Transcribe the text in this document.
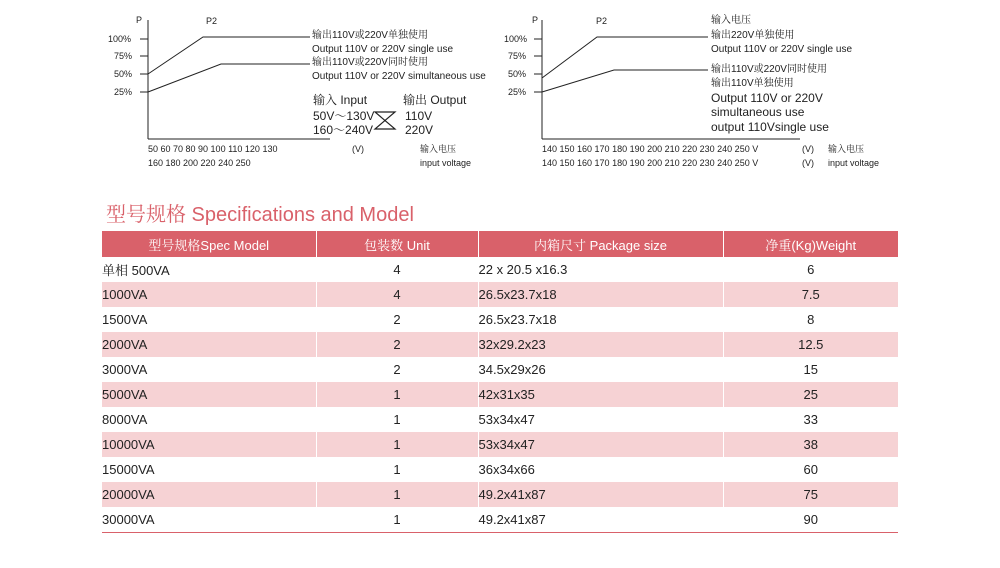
P	P2
100%
75%
50%
25%
输出110V或220V单独使用
Output 110V or 220V single use
输出110V或220V同时使用
Output 110V or 220V simultaneous use
输入 Input	输出 Output
50V～130V
160～240V
110V
220V
50 60 70 80 90 100 110 120 130
160 180 200 220 240 250
(V)	输入电压
input voltage
P	P2
100%
75%
50%
25%
输入电压
输出220V单独使用
Output 110V or 220V single use
输出110V或220V同时使用
输出110V单独使用
Output 110V or 220V
simultaneous use
output 110Vsingle use
140 150 160 170 180 190 200 210 220 230 240 250 V
140 150 160 170 180 190 200 210 220 230 240 250 V
(V)
(V)
输入电压
input voltage
型号规格 Specifications and Model
型号规格Spec Model	包装数 Unit	内箱尺寸 Package size	净重(Kg)Weight
单相 500VA	4	22 x 20.5 x16.3	6
1000VA	4	26.5x23.7x18	7.5
1500VA	2	26.5x23.7x18	8
2000VA	2	32x29.2x23	12.5
3000VA	2	34.5x29x26	15
5000VA	1	42x31x35	25
8000VA	1	53x34x47	33
10000VA	1	53x34x47	38
15000VA	1	36x34x66	60
20000VA	1	49.2x41x87	75
30000VA	1	49.2x41x87	90
